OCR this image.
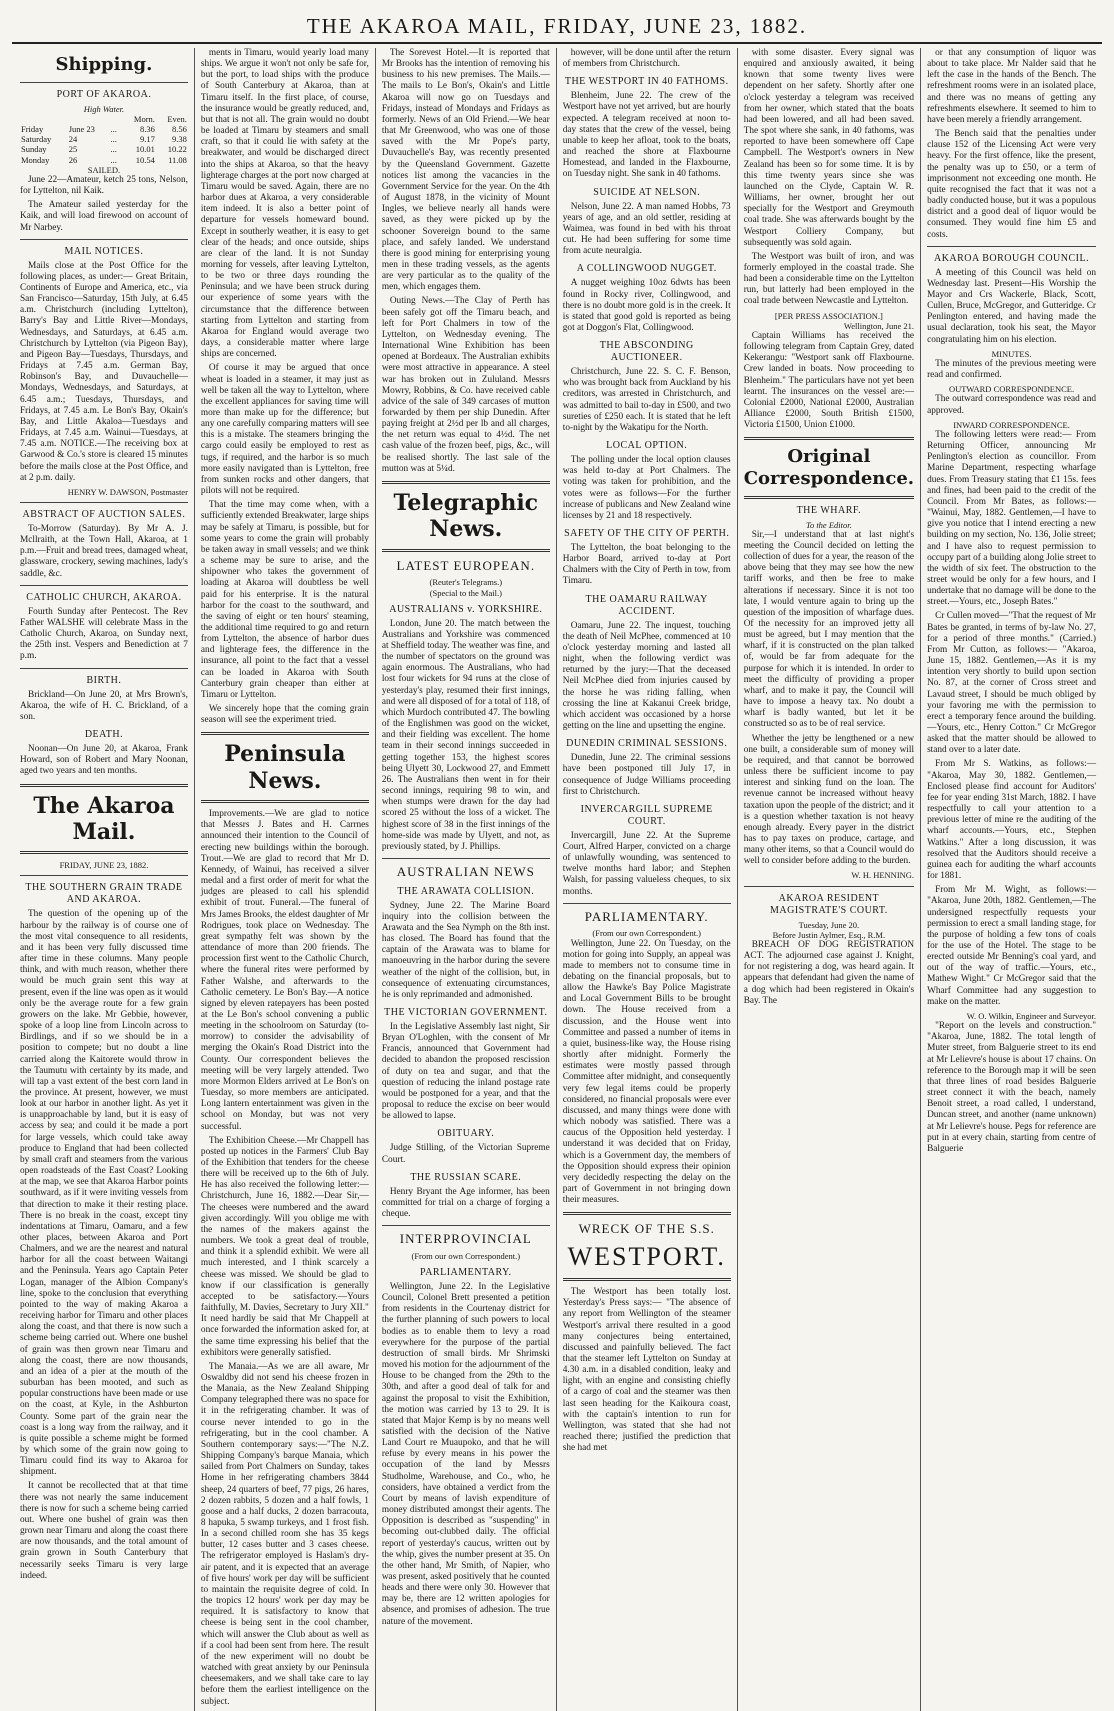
THE AKAROA MAIL, FRIDAY, JUNE 23, 1882.
Shipping.
PORT OF AKAROA.
High Water.
			Morn.	Even.
Friday	June 23	...	8.36	8.56
Saturday	24	...	9.17	9.38
Sunday	25	...	10.01	10.22
Monday	26	...	10.54	11.08
SAILED.

June 22—Amateur, ketch 25 tons, Nelson, for Lyttelton, nil Kaik.

The Amateur sailed yesterday for the Kaik, and will load firewood on account of Mr Narbey.

MAIL NOTICES.

Mails close at the Post Office for the following places, as under:— Great Britain, Continents of Europe and America, etc., via San Francisco—Saturday, 15th July, at 6.45 a.m. Christchurch (including Lyttelton), Barry's Bay and Little River—Mondays, Wednesdays, and Saturdays, at 6.45 a.m. Christchurch by Lyttelton (via Pigeon Bay), and Pigeon Bay—Tuesdays, Thursdays, and Fridays at 7.45 a.m. German Bay, Robinson's Bay, and Duvauchelle—Mondays, Wednesdays, and Saturdays, at 6.45 a.m.; Tuesdays, Thursdays, and Fridays, at 7.45 a.m. Le Bon's Bay, Okain's Bay, and Little Akaloa—Tuesdays and Fridays, at 7.45 a.m. Wainui—Tuesdays, at 7.45 a.m. NOTICE.—The receiving box at Garwood & Co.'s store is cleared 15 minutes before the mails close at the Post Office, and at 2 p.m. daily.

HENRY W. DAWSON, Postmaster
ABSTRACT OF AUCTION SALES.

To-Morrow (Saturday). By Mr A. J. Mcllraith, at the Town Hall, Akaroa, at 1 p.m.—Fruit and bread trees, damaged wheat, glassware, crockery, sewing machines, lady's saddle, &c.

CATHOLIC CHURCH, AKAROA.

Fourth Sunday after Pentecost. The Rev Father WALSHE will celebrate Mass in the Catholic Church, Akaroa, on Sunday next, the 25th inst. Vespers and Benediction at 7 p.m.

BIRTH.

Brickland—On June 20, at Mrs Brown's, Akaroa, the wife of H. C. Brickland, of a son.

DEATH.

Noonan—On June 20, at Akaroa, Frank Howard, son of Robert and Mary Noonan, aged two years and ten months.

The Akaroa Mail.
FRIDAY, JUNE 23, 1882.
THE SOUTHERN GRAIN TRADE AND AKAROA.

The question of the opening up of the harbour by the railway is of course one of the most vital consequence to all residents, and it has been very fully discussed time after time in these columns. Many people think, and with much reason, whether there would be much grain sent this way at present, even if the line was open as it would only be the average route for a few grain growers on the lake. Mr Gebbie, however, spoke of a loop line from Lincoln across to Birdlings, and if so we should be in a position to compete; but no doubt a line carried along the Kaitorete would throw in the Taumutu with certainty by its made, and will tap a vast extent of the best corn land in the province. At present, however, we must look at our harbor in another light. As yet it is unapproachable by land, but it is easy of access by sea; and could it be made a port for large vessels, which could take away produce to England that had been collected by small craft and steamers from the various open roadsteads of the East Coast? Looking at the map, we see that Akaroa Harbor points southward, as if it were inviting vessels from that direction to make it their resting place. There is no break in the coast, except tiny indentations at Timaru, Oamaru, and a few other places, between Akaroa and Port Chalmers, and we are the nearest and natural harbor for all the coast between Waitangi and the Peninsula. Years ago Captain Peter Logan, manager of the Albion Company's line, spoke to the conclusion that everything pointed to the way of making Akaroa a receiving harbor for Timaru and other places along the coast, and that there is now such a scheme being carried out. Where one bushel of grain was then grown near Timaru and along the coast, there are now thousands, and an idea of a pier at the mouth of the suburban has been mooted, and such as popular constructions have been made or use on the coast, at Kyle, in the Ashburton County. Some part of the grain near the coast is a long way from the railway, and it is quite possible a scheme might be formed by which some of the grain now going to Timaru could find its way to Akaroa for shipment.

It cannot be recollected that at that time there was not nearly the same inducement there is now for such a scheme being carried out. Where one bushel of grain was then grown near Timaru and along the coast there are now thousands, and the total amount of grain grown in South Canterbury that necessarily seeks Timaru is very large indeed.

ments in Timaru, would yearly load many ships. We argue it won't not only be safe for, but the port, to load ships with the produce of South Canterbury at Akaroa, than at Timaru itself. In the first place, of course, the insurance would be greatly reduced, and, but that is not all. The grain would no doubt be loaded at Timaru by steamers and small craft, so that it could lie with safety at the breakwater, and would be discharged direct into the ships at Akaroa, so that the heavy lighterage charges at the port now charged at Timaru would be saved. Again, there are no harbor dues at Akaroa, a very considerable item indeed. It is also a better point of departure for vessels homeward bound. Except in southerly weather, it is easy to get clear of the heads; and once outside, ships are clear of the land. It is not Sunday morning for vessels, after leaving Lyttelton, to be two or three days rounding the Peninsula; and we have been struck during our experience of some years with the circumstance that the difference between starting from Lyttelton and starting from Akaroa for England would average two days, a considerable matter where large ships are concerned.

Of course it may be argued that once wheat is loaded in a steamer, it may just as well be taken all the way to Lyttelton, where the excellent appliances for saving time will more than make up for the difference; but any one carefully comparing matters will see this is a mistake. The steamers bringing the cargo could easily be employed to rest as tugs, if required, and the harbor is so much more easily navigated than is Lyttelton, free from sunken rocks and other dangers, that pilots will not be required.

That the time may come when, with a sufficiently extended Breakwater, large ships may be safely at Timaru, is possible, but for some years to come the grain will probably be taken away in small vessels; and we think a scheme may be sure to arise, and the shipowner who takes the government of loading at Akaroa will doubtless be well paid for his enterprise. It is the natural harbor for the coast to the southward, and the saving of eight or ten hours' steaming, the additional time required to go and return from Lyttelton, the absence of harbor dues and lighterage fees, the difference in the insurance, all point to the fact that a vessel can be loaded in Akaroa with South Canterbury grain cheaper than either at Timaru or Lyttelton.

We sincerely hope that the coming grain season will see the experiment tried.

Peninsula News.

Improvements.—We are glad to notice that Messrs J. Bates and H. Carrnes announced their intention to the Council of erecting new buildings within the borough. Trout.—We are glad to record that Mr D. Kennedy, of Wainui, has received a silver medal and a first order of merit for what the judges are pleased to call his splendid exhibit of trout. Funeral.—The funeral of Mrs James Brooks, the eldest daughter of Mr Rodrigues, took place on Wednesday. The great sympathy felt was shown by the attendance of more than 200 friends. The procession first went to the Catholic Church, where the funeral rites were performed by Father Walshe, and afterwards to the Catholic cemetery. Le Bon's Bay.—A notice signed by eleven ratepayers has been posted at the Le Bon's school convening a public meeting in the schoolroom on Saturday (to-morrow) to consider the advisability of merging the Okain's Road District into the County. Our correspondent believes the meeting will be very largely attended. Two more Mormon Elders arrived at Le Bon's on Tuesday, so more members are anticipated. Long lantern entertainment was given in the school on Monday, but was not very successful.

The Exhibition Cheese.—Mr Chappell has posted up notices in the Farmers' Club Bay of the Exhibition that tenders for the cheese there will be received up to the 6th of July. He has also received the following letter:—Christchurch, June 16, 1882.—Dear Sir,—The cheeses were numbered and the award given accordingly. Will you oblige me with the names of the makers against the numbers. We took a great deal of trouble, and think it a splendid exhibit. We were all much interested, and I think scarcely a cheese was missed. We should be glad to know if our classification is generally accepted to be satisfactory.—Yours faithfully, M. Davies, Secretary to Jury XII." It need hardly be said that Mr Chappell at once forwarded the information asked for, at the same time expressing his belief that the exhibitors were generally satisfied.

The Manaia.—As we are all aware, Mr Oswaldby did not send his cheese frozen in the Manaia, as the New Zealand Shipping Company telegraphed there was no space for it in the refrigerating chamber. It was of course never intended to go in the refrigerating, but in the cool chamber. A Southern contemporary says:—"The N.Z. Shipping Company's barque Manaia, which sailed from Port Chalmers on Sunday, takes Home in her refrigerating chambers 3844 sheep, 24 quarters of beef, 77 pigs, 26 hares, 2 dozen rabbits, 5 dozen and a half fowls, 1 goose and a half ducks, 2 dozen barracouta, 8 hapuka, 5 swamp turkeys, and 1 frost fish. In a second chilled room she has 35 kegs butter, 12 cases butter and 3 cases cheese. The refrigerator employed is Haslam's dry-air patent, and it is expected that an average of five hours' work per day will be sufficient to maintain the requisite degree of cold. In the tropics 12 hours' work per day may be required. It is satisfactory to know that cheese is being sent in the cool chamber, which will answer the Club about as well as if a cool had been sent from here. The result of the new experiment will no doubt be watched with great anxiety by our Peninsula cheesemakers, and we shall take care to lay before them the earliest intelligence on the subject.

The Sorevest Hotel.—It is reported that Mr Brooks has the intention of removing his business to his new premises. The Mails.—The mails to Le Bon's, Okain's and Little Akaroa will now go on Tuesdays and Fridays, instead of Mondays and Fridays as formerly. News of an Old Friend.—We hear that Mr Greenwood, who was one of those saved with the Mr Pope's party, Duvauchelle's Bay, was recently presented by the Queensland Government. Gazette notices list among the vacancies in the Government Service for the year. On the 4th of August 1878, in the vicinity of Mount Ingles, we believe nearly all hands were saved, as they were picked up by the schooner Sovereign bound to the same place, and safely landed. We understand there is good mining for enterprising young men in these trading vessels, as the agents are very particular as to the quality of the men, which engages them.

Outing News.—The Clay of Perth has been safely got off the Timaru beach, and left for Port Chalmers in tow of the Lyttelton, on Wednesday evening. The International Wine Exhibition has been opened at Bordeaux. The Australian exhibits were most attractive in appearance. A steel war has broken out in Zululand. Messrs Mowry, Robbins, & Co. have received cable advice of the sale of 349 carcases of mutton forwarded by them per ship Dunedin. After paying freight at 2½d per lb and all charges, the net return was equal to 4½d. The net cash value of the frozen beef, pigs, &c., will be realised shortly. The last sale of the mutton was at 5¼d.

Telegraphic News.
LATEST EUROPEAN.
(Reuter's Telegrams.)
(Special to the Mail.)
AUSTRALIANS v. YORKSHIRE.

London, June 20. The match between the Australians and Yorkshire was commenced at Sheffield today. The weather was fine, and the number of spectators on the ground was again enormous. The Australians, who had lost four wickets for 94 runs at the close of yesterday's play, resumed their first innings, and were all disposed of for a total of 118, of which Murdoch contributed 47. The bowling of the Englishmen was good on the wicket, and their fielding was excellent. The home team in their second innings succeeded in getting together 153, the highest scores being Ulyett 30, Lockwood 27, and Emmett 26. The Australians then went in for their second innings, requiring 98 to win, and when stumps were drawn for the day had scored 25 without the loss of a wicket. The highest score of 38 in the first innings of the home-side was made by Ulyett, and not, as previously stated, by J. Phillips.

AUSTRALIAN NEWS
THE ARAWATA COLLISION.

Sydney, June 22. The Marine Board inquiry into the collision between the Arawata and the Sea Nymph on the 8th inst. has closed. The Board has found that the captain of the Arawata was to blame for manoeuvring in the harbor during the severe weather of the night of the collision, but, in consequence of extenuating circumstances, he is only reprimanded and admonished.

THE VICTORIAN GOVERNMENT.

In the Legislative Assembly last night, Sir Bryan O'Loghlen, with the consent of Mr Francis, announced that Government had decided to abandon the proposed rescission of duty on tea and sugar, and that the question of reducing the inland postage rate would be postponed for a year, and that the proposal to reduce the excise on beer would be allowed to lapse.

OBITUARY.

Judge Stilling, of the Victorian Supreme Court.

THE RUSSIAN SCARE.

Henry Bryant the Age informer, has been committed for trial on a charge of forging a cheque.

INTERPROVINCIAL
(From our own Correspondent.)
PARLIAMENTARY.

Wellington, June 22. In the Legislative Council, Colonel Brett presented a petition from residents in the Courtenay district for the further planning of such powers to local bodies as to enable them to levy a road everywhere for the purpose of the partial destruction of small birds. Mr Shrimski moved his motion for the adjournment of the House to be changed from the 29th to the 30th, and after a good deal of talk for and against the proposal to visit the Exhibition, the motion was carried by 13 to 29. It is stated that Major Kemp is by no means well satisfied with the decision of the Native Land Court re Muaupoko, and that he will refuse by every means in his power the occupation of the land by Messrs Studholme, Warehouse, and Co., who, he considers, have obtained a verdict from the Court by means of lavish expenditure of money distributed amongst their agents. The Opposition is described as "suspending" in becoming out-clubbed daily. The official report of yesterday's caucus, written out by the whip, gives the number present at 35. On the other hand, Mr Smith, of Napier, who was present, asked positively that he counted heads and there were only 30. However that may be, there are 12 written apologies for absence, and promises of adhesion. The true nature of the movement.

however, will be done until after the return of members from Christchurch.

THE WESTPORT IN 40 FATHOMS.

Blenheim, June 22. The crew of the Westport have not yet arrived, but are hourly expected. A telegram received at noon to-day states that the crew of the vessel, being unable to keep her afloat, took to the boats, and reached the shore at Flaxbourne Homestead, and landed in the Flaxbourne, on Tuesday night. She sank in 40 fathoms.

SUICIDE AT NELSON.

Nelson, June 22. A man named Hobbs, 73 years of age, and an old settler, residing at Waimea, was found in bed with his throat cut. He had been suffering for some time from acute neuralgia.

A COLLINGWOOD NUGGET.

A nugget weighing 10oz 6dwts has been found in Rocky river, Collingwood, and there is no doubt more gold is in the creek. It is stated that good gold is reported as being got at Doggon's Flat, Collingwood.

THE ABSCONDING AUCTIONEER.

Christchurch, June 22. S. C. F. Benson, who was brought back from Auckland by his creditors, was arrested in Christchurch, and was admitted to bail to-day in £500, and two sureties of £250 each. It is stated that he left to-night by the Wakatipu for the North.

LOCAL OPTION.

The polling under the local option clauses was held to-day at Port Chalmers. The voting was taken for prohibition, and the votes were as follows—For the further increase of publicans and New Zealand wine licenses by 21 and 18 respectively.

SAFETY OF THE CITY OF PERTH.

The Lyttelton, the boat belonging to the Harbor Board, arrived to-day at Port Chalmers with the City of Perth in tow, from Timaru.

THE OAMARU RAILWAY ACCIDENT.

Oamaru, June 22. The inquest, touching the death of Neil McPhee, commenced at 10 o'clock yesterday morning and lasted all night, when the following verdict was returned by the jury:—That the deceased Neil McPhee died from injuries caused by the horse he was riding falling, when crossing the line at Kakanui Creek bridge, which accident was occasioned by a horse getting on the line and upsetting the engine.

DUNEDIN CRIMINAL SESSIONS.

Dunedin, June 22. The criminal sessions have been postponed till July 17, in consequence of Judge Williams proceeding first to Christchurch.

INVERCARGILL SUPREME COURT.

Invercargill, June 22. At the Supreme Court, Alfred Harper, convicted on a charge of unlawfully wounding, was sentenced to twelve months hard labor; and Stephen Walsh, for passing valueless cheques, to six months.

PARLIAMENTARY.
(From our own Correspondent.)

Wellington, June 22. On Tuesday, on the motion for going into Supply, an appeal was made to members not to consume time in debating on the financial proposals, but to allow the Hawke's Bay Police Magistrate and Local Government Bills to be brought down. The House received from a discussion, and the House went into Committee and passed a number of items in a quiet, business-like way, the House rising shortly after midnight. Formerly the estimates were mostly passed through Committee after midnight, and consequently very few legal items could be properly considered, no financial proposals were ever discussed, and many things were done with which nobody was satisfied. There was a caucus of the Opposition held yesterday. I understand it was decided that on Friday, which is a Government day, the members of the Opposition should express their opinion very decidedly respecting the delay on the part of Government in not bringing down their measures.

WRECK OF THE S.S.
WESTPORT.

The Westport has been totally lost. Yesterday's Press says:— "The absence of any report from Wellington of the steamer Westport's arrival there resulted in a good many conjectures being entertained, discussed and painfully believed. The fact that the steamer left Lyttelton on Sunday at 4.30 a.m. in a disabled condition, leaky and light, with an engine and consisting chiefly of a cargo of coal and the steamer was then last seen heading for the Kaikoura coast, with the captain's intention to run for Wellington, was stated that she had not reached there; justified the prediction that she had met

with some disaster. Every signal was enquired and anxiously awaited, it being known that some twenty lives were dependent on her safety. Shortly after one o'clock yesterday a telegram was received from her owner, which stated that the boats had been lowered, and all had been saved. The spot where she sank, in 40 fathoms, was reported to have been somewhere off Cape Campbell. The Westport's owners in New Zealand has been so for some time. It is by this time twenty years since she was launched on the Clyde, Captain W. R. Williams, her owner, brought her out specially for the Westport and Greymouth coal trade. She was afterwards bought by the Westport Colliery Company, but subsequently was sold again.

The Westport was built of iron, and was formerly employed in the coastal trade. She had been a considerable time on the Lyttelton run, but latterly had been employed in the coal trade between Newcastle and Lyttelton.

[PER PRESS ASSOCIATION.]
Wellington, June 21.

Captain Williams has received the following telegram from Captain Grey, dated Kekerangu: "Westport sank off Flaxbourne. Crew landed in boats. Now proceeding to Blenheim." The particulars have not yet been learnt. The insurances on the vessel are:—Colonial £2000, National £2000, Australian Alliance £2000, South British £1500, Victoria £1500, Union £1000.

Original Correspondence.
THE WHARF.
To the Editor.

Sir,—I understand that at last night's meeting the Council decided on letting the collection of dues for a year, the reason of the above being that they may see how the new tariff works, and then be free to make alterations if necessary. Since it is not too late, I would venture again to bring up the question of the imposition of wharfage dues. Of the necessity for an improved jetty all must be agreed, but I may mention that the wharf, if it is constructed on the plan talked of, would be far from adequate for the purpose for which it is intended. In order to meet the difficulty of providing a proper wharf, and to make it pay, the Council will have to impose a heavy tax. No doubt a wharf is badly wanted, but let it be constructed so as to be of real service.

Whether the jetty be lengthened or a new one built, a considerable sum of money will be required, and that cannot be borrowed unless there be sufficient income to pay interest and sinking fund on the loan. The revenue cannot be increased without heavy taxation upon the people of the district; and it is a question whether taxation is not heavy enough already. Every payer in the district has to pay taxes on produce, cartage, and many other items, so that a Council would do well to consider before adding to the burden.

W. H. HENNING.
AKAROA RESIDENT MAGISTRATE'S COURT.
Tuesday, June 20.
Before Justin Aylmer, Esq., R.M.

BREACH OF DOG REGISTRATION ACT. The adjourned case against J. Knight, for not registering a dog, was heard again. It appears that defendant had given the name of a dog which had been registered in Okain's Bay. The

or that any consumption of liquor was about to take place. Mr Nalder said that he left the case in the hands of the Bench. The refreshment rooms were in an isolated place, and there was no means of getting any refreshments elsewhere. It seemed to him to have been merely a friendly arrangement.

The Bench said that the penalties under clause 152 of the Licensing Act were very heavy. For the first offence, like the present, the penalty was up to £50, or a term of imprisonment not exceeding one month. He quite recognised the fact that it was not a badly conducted house, but it was a populous district and a good deal of liquor would be consumed. They would fine him £5 and costs.

AKAROA BOROUGH COUNCIL.

A meeting of this Council was held on Wednesday last. Present—His Worship the Mayor and Crs Wackerle, Black, Scott, Cullen, Bruce, McGregor, and Gutteridge. Cr Penlington entered, and having made the usual declaration, took his seat, the Mayor congratulating him on his election.

MINUTES.

The minutes of the previous meeting were read and confirmed.

OUTWARD CORRESPONDENCE.

The outward correspondence was read and approved.

INWARD CORRESPONDENCE.

The following letters were read:— From Returning Officer, announcing Mr Penlington's election as councillor. From Marine Department, respecting wharfage dues. From Treasury stating that £1 15s. fees and fines, had been paid to the credit of the Council. From Mr Bates, as follows:— "Wainui, May, 1882. Gentlemen,—I have to give you notice that I intend erecting a new building on my section, No. 136, Jolie street; and I have also to request permission to occupy part of a building along Jolie street to the width of six feet. The obstruction to the street would be only for a few hours, and I undertake that no damage will be done to the street.—Yours, etc., Joseph Bates."

Cr Cullen moved—"That the request of Mr Bates be granted, in terms of by-law No. 27, for a period of three months." (Carried.) From Mr Cutton, as follows:— "Akaroa, June 15, 1882. Gentlemen,—As it is my intention very shortly to build upon section No. 87, at the corner of Cross street and Lavaud street, I should be much obliged by your favoring me with the permission to erect a temporary fence around the building.—Yours, etc., Henry Cotton." Cr McGregor asked that the matter should be allowed to stand over to a later date.

From Mr S. Watkins, as follows:— "Akaroa, May 30, 1882. Gentlemen,—Enclosed please find account for Auditors' fee for year ending 31st March, 1882. I have respectfully to call your attention to a previous letter of mine re the auditing of the wharf accounts.—Yours, etc., Stephen Watkins." After a long discussion, it was resolved that the Auditors should receive a guinea each for auditing the wharf accounts for 1881.

From Mr M. Wight, as follows:— "Akaroa, June 20th, 1882. Gentlemen,—The undersigned respectfully requests your permission to erect a small landing stage, for the purpose of holding a few tons of coals for the use of the Hotel. The stage to be erected outside Mr Benning's coal yard, and out of the way of traffic.—Yours, etc., Mathew Wight." Cr McGregor said that the Wharf Committee had any suggestion to make on the matter.

W. O. Wilkin, Engineer and Surveyor.

"Report on the levels and construction." "Akaroa, June, 1882. The total length of Muter street, from Balguerie street to its end at Mr Lelievre's house is about 17 chains. On reference to the Borough map it will be seen that three lines of road besides Balguerie street connect it with the beach, namely Benoit street, a road called, I understand, Duncan street, and another (name unknown) at Mr Lelievre's house. Pegs for reference are put in at every chain, starting from centre of Balguerie
